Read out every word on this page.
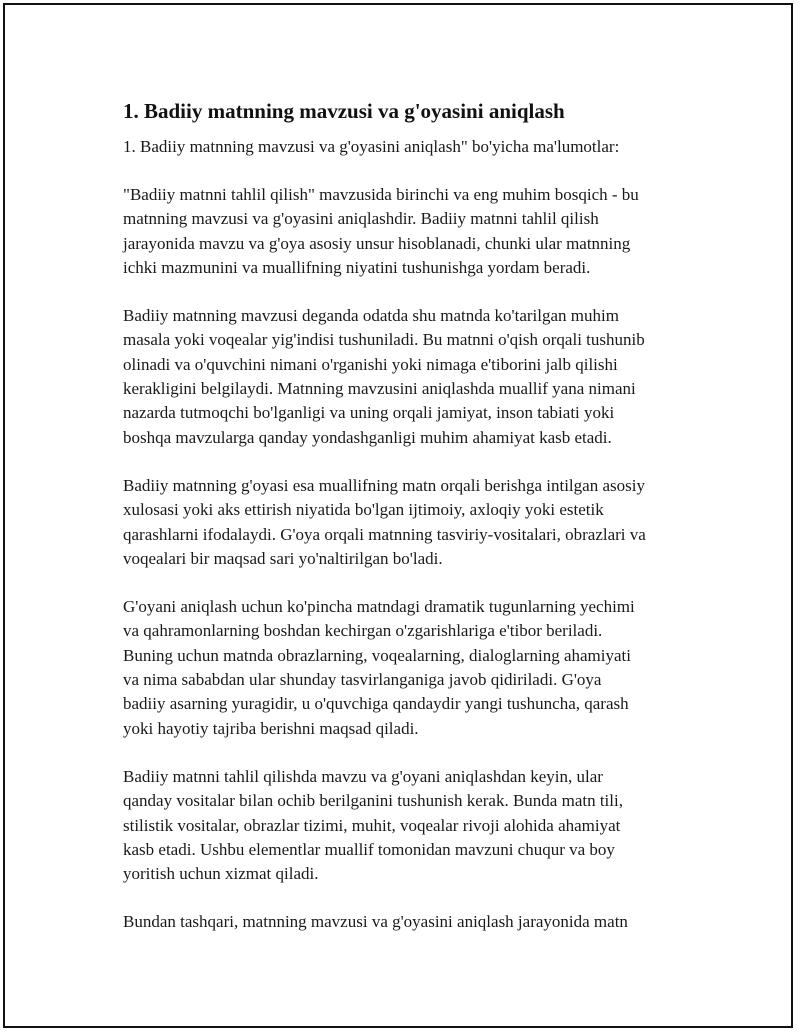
1. Badiiy matnning mavzusi va g'oyasini aniqlash
1. Badiiy matnning mavzusi va g'oyasini aniqlash" bo'yicha ma'lumotlar:
"Badiiy matnni tahlil qilish" mavzusida birinchi va eng muhim bosqich - bu
matnning mavzusi va g'oyasini aniqlashdir. Badiiy matnni tahlil qilish
jarayonida mavzu va g'oya asosiy unsur hisoblanadi, chunki ular matnning
ichki mazmunini va muallifning niyatini tushunishga yordam beradi.
Badiiy matnning mavzusi deganda odatda shu matnda ko'tarilgan muhim
masala yoki voqealar yig'indisi tushuniladi. Bu matnni o'qish orqali tushunib
olinadi va o'quvchini nimani o'rganishi yoki nimaga e'tiborini jalb qilishi
kerakligini belgilaydi. Matnning mavzusini aniqlashda muallif yana nimani
nazarda tutmoqchi bo'lganligi va uning orqali jamiyat, inson tabiati yoki
boshqa mavzularga qanday yondashganligi muhim ahamiyat kasb etadi.
Badiiy matnning g'oyasi esa muallifning matn orqali berishga intilgan asosiy
xulosasi yoki aks ettirish niyatida bo'lgan ijtimoiy, axloqiy yoki estetik
qarashlarni ifodalaydi. G'oya orqali matnning tasviriy-vositalari, obrazlari va
voqealari bir maqsad sari yo'naltirilgan bo'ladi.
G'oyani aniqlash uchun ko'pincha matndagi dramatik tugunlarning yechimi
va qahramonlarning boshdan kechirgan o'zgarishlariga e'tibor beriladi.
Buning uchun matnda obrazlarning, voqealarning, dialoglarning ahamiyati
va nima sababdan ular shunday tasvirlanganiga javob qidiriladi. G'oya
badiiy asarning yuragidir, u o'quvchiga qandaydir yangi tushuncha, qarash
yoki hayotiy tajriba berishni maqsad qiladi.
Badiiy matnni tahlil qilishda mavzu va g'oyani aniqlashdan keyin, ular
qanday vositalar bilan ochib berilganini tushunish kerak. Bunda matn tili,
stilistik vositalar, obrazlar tizimi, muhit, voqealar rivoji alohida ahamiyat
kasb etadi. Ushbu elementlar muallif tomonidan mavzuni chuqur va boy
yoritish uchun xizmat qiladi.
Bundan tashqari, matnning mavzusi va g'oyasini aniqlash jarayonida matn
